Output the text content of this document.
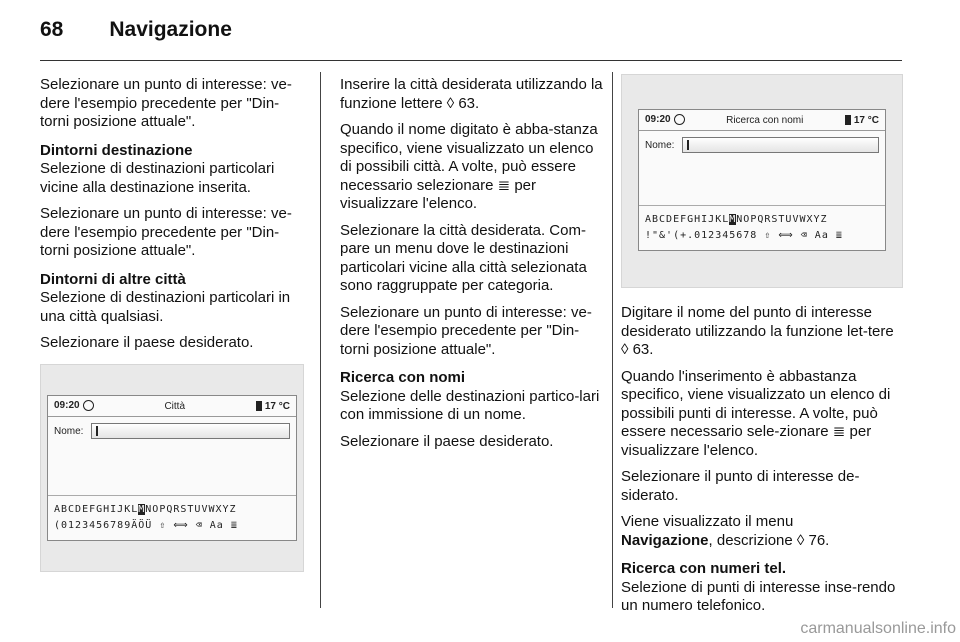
68 Navigazione

Selezionare un punto di interesse: ve-dere l'esempio precedente per "Din-torni posizione attuale".

Dintorni destinazione

Selezione di destinazioni particolari vicine alla destinazione inserita.

Selezionare un punto di interesse: ve-dere l'esempio precedente per "Din-torni posizione attuale".

Dintorni di altre città

Selezione di destinazioni particolari in una città qualsiasi.

Selezionare il paese desiderato.

09:20	Città	17 °C
Nome:
ABCDEFGHIJKLMNOPQRSTUVWXYZ
(0123456789ÄÖÜ ⇧ ⟺ ⌫ Aa ≣

Inserire la città desiderata utilizzando la funzione lettere ◊ 63.

Quando il nome digitato è abba-stanza specifico, viene visualizzato un elenco di possibili città. A volte, può essere necessario selezionare ≣ per visualizzare l'elenco.

Selezionare la città desiderata. Com-pare un menu dove le destinazioni particolari vicine alla città selezionata sono raggruppate per categoria.

Selezionare un punto di interesse: ve-dere l'esempio precedente per "Din-torni posizione attuale".

Ricerca con nomi

Selezione delle destinazioni partico-lari con immissione di un nome.

Selezionare il paese desiderato.

09:20	Ricerca con nomi	17 °C
Nome:
ABCDEFGHIJKLMNOPQRSTUVWXYZ
!"&'(+.012345678 ⇧ ⟺ ⌫ Aa ≣

Digitare il nome del punto di interesse desiderato utilizzando la funzione let-tere ◊ 63.

Quando l'inserimento è abbastanza specifico, viene visualizzato un elenco di possibili punti di interesse. A volte, può essere necessario sele-zionare ≣ per visualizzare l'elenco.

Selezionare il punto di interesse de-siderato.

Viene visualizzato il menu
Navigazione, descrizione ◊ 76.

Ricerca con numeri tel.

Selezione di punti di interesse inse-rendo un numero telefonico.

carmanualsonline.info
